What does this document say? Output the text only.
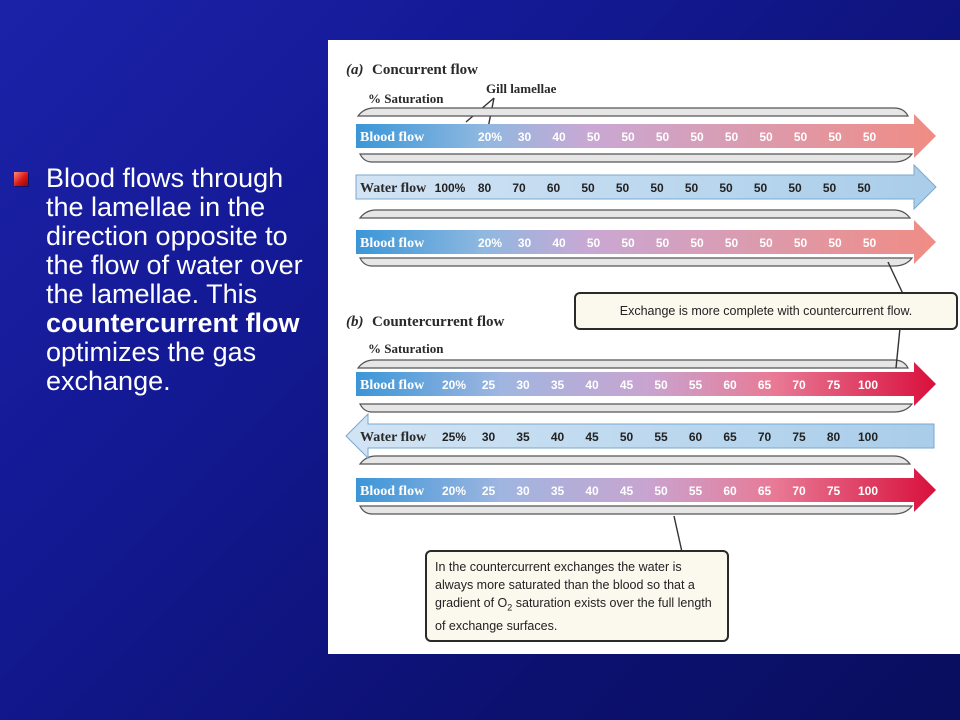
Blood flows through the lamellae in the direction opposite to the flow of water over the lamellae. This countercurrent flow optimizes the gas exchange.
(a) Concurrent flow
% Saturation
Gill lamellae
Blood flow
Water flow
Blood flow
(b) Countercurrent flow
% Saturation
Blood flow
Water flow
Blood flow
20% 30 40 50 50 50 50 50 50 50 50 50
100% 80 70 60 50 50 50 50 50 50 50 50 50
20% 30 40 50 50 50 50 50 50 50 50 50
20% 25 30 35 40 45 50 55 60 65 70 75 100
25% 30 35 40 45 50 55 60 65 70 75 80 100
20% 25 30 35 40 45 50 55 60 65 70 75 100
Exchange is more complete with countercurrent flow.
In the countercurrent exchanges the water is always more saturated than the blood so that a gradient of $O_2$ saturation exists over the full length of exchange surfaces.
